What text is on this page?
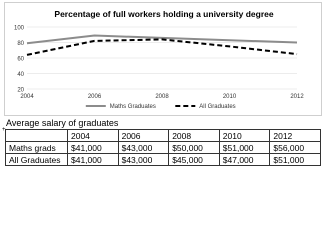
Percentage of full workers holding a university degree
20
40
60
80
100
2004	2006	2008	2010	2012
Maths Graduates	All Graduates
Average salary of graduates
+
	2004	2006	2008	2010	2012
Maths grads	$41,000	$43,000	$50,000	$51,000	$56,000
All Graduates	$41,000	$43,000	$45,000	$47,000	$51,000
